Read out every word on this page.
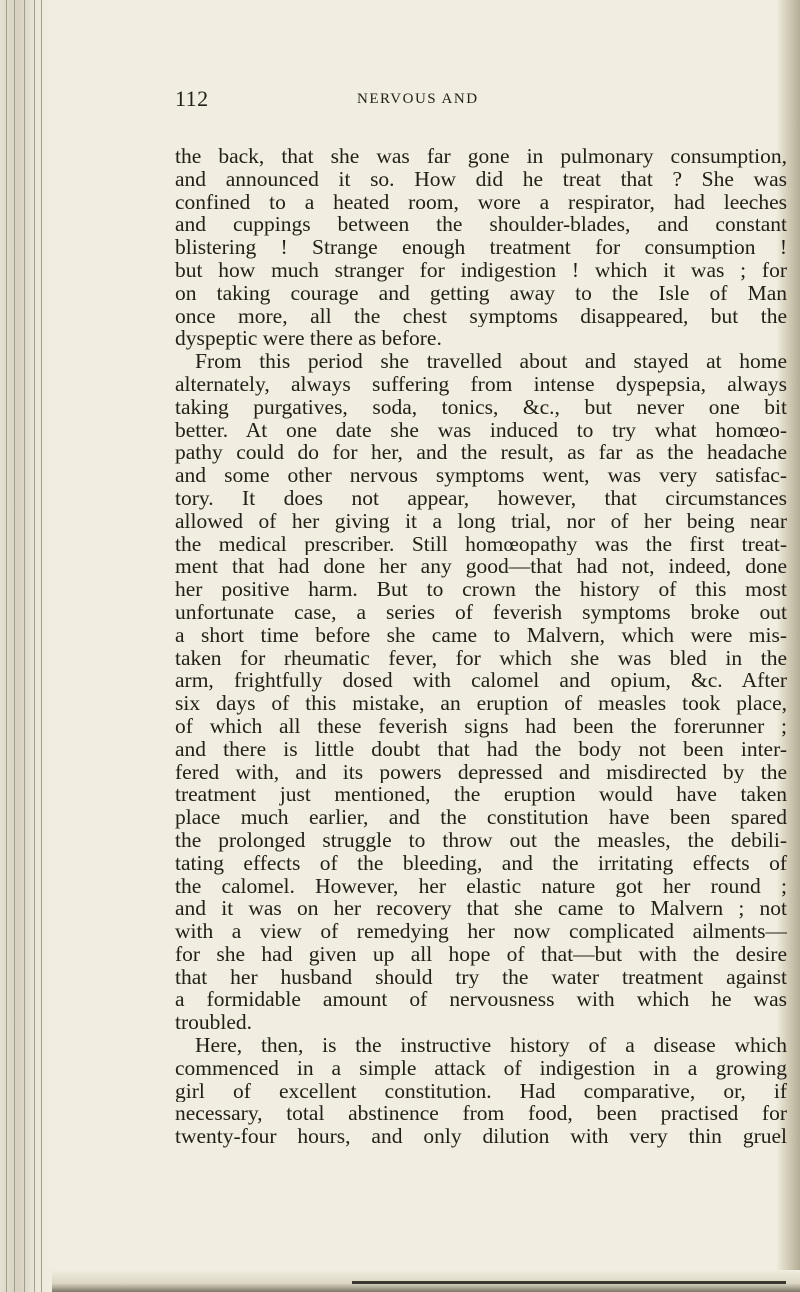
112	NERVOUS AND
the back, that she was far gone in pulmonary consumption,
and announced it so. How did he treat that ? She was
confined to a heated room, wore a respirator, had leeches
and cuppings between the shoulder-blades, and constant
blistering ! Strange enough treatment for consumption !
but how much stranger for indigestion ! which it was ; for
on taking courage and getting away to the Isle of Man
once more, all the chest symptoms disappeared, but the
dyspeptic were there as before.
From this period she travelled about and stayed at home
alternately, always suffering from intense dyspepsia, always
taking purgatives, soda, tonics, &c., but never one bit
better. At one date she was induced to try what homœo-
pathy could do for her, and the result, as far as the headache
and some other nervous symptoms went, was very satisfac-
tory. It does not appear, however, that circumstances
allowed of her giving it a long trial, nor of her being near
the medical prescriber. Still homœopathy was the first treat-
ment that had done her any good—that had not, indeed, done
her positive harm. But to crown the history of this most
unfortunate case, a series of feverish symptoms broke out
a short time before she came to Malvern, which were mis-
taken for rheumatic fever, for which she was bled in the
arm, frightfully dosed with calomel and opium, &c. After
six days of this mistake, an eruption of measles took place,
of which all these feverish signs had been the forerunner ;
and there is little doubt that had the body not been inter-
fered with, and its powers depressed and misdirected by the
treatment just mentioned, the eruption would have taken
place much earlier, and the constitution have been spared
the prolonged struggle to throw out the measles, the debili-
tating effects of the bleeding, and the irritating effects of
the calomel. However, her elastic nature got her round ;
and it was on her recovery that she came to Malvern ; not
with a view of remedying her now complicated ailments—
for she had given up all hope of that—but with the desire
that her husband should try the water treatment against
a formidable amount of nervousness with which he was
troubled.
Here, then, is the instructive history of a disease which
commenced in a simple attack of indigestion in a growing
girl of excellent constitution. Had comparative, or, if
necessary, total abstinence from food, been practised for
twenty-four hours, and only dilution with very thin gruel
